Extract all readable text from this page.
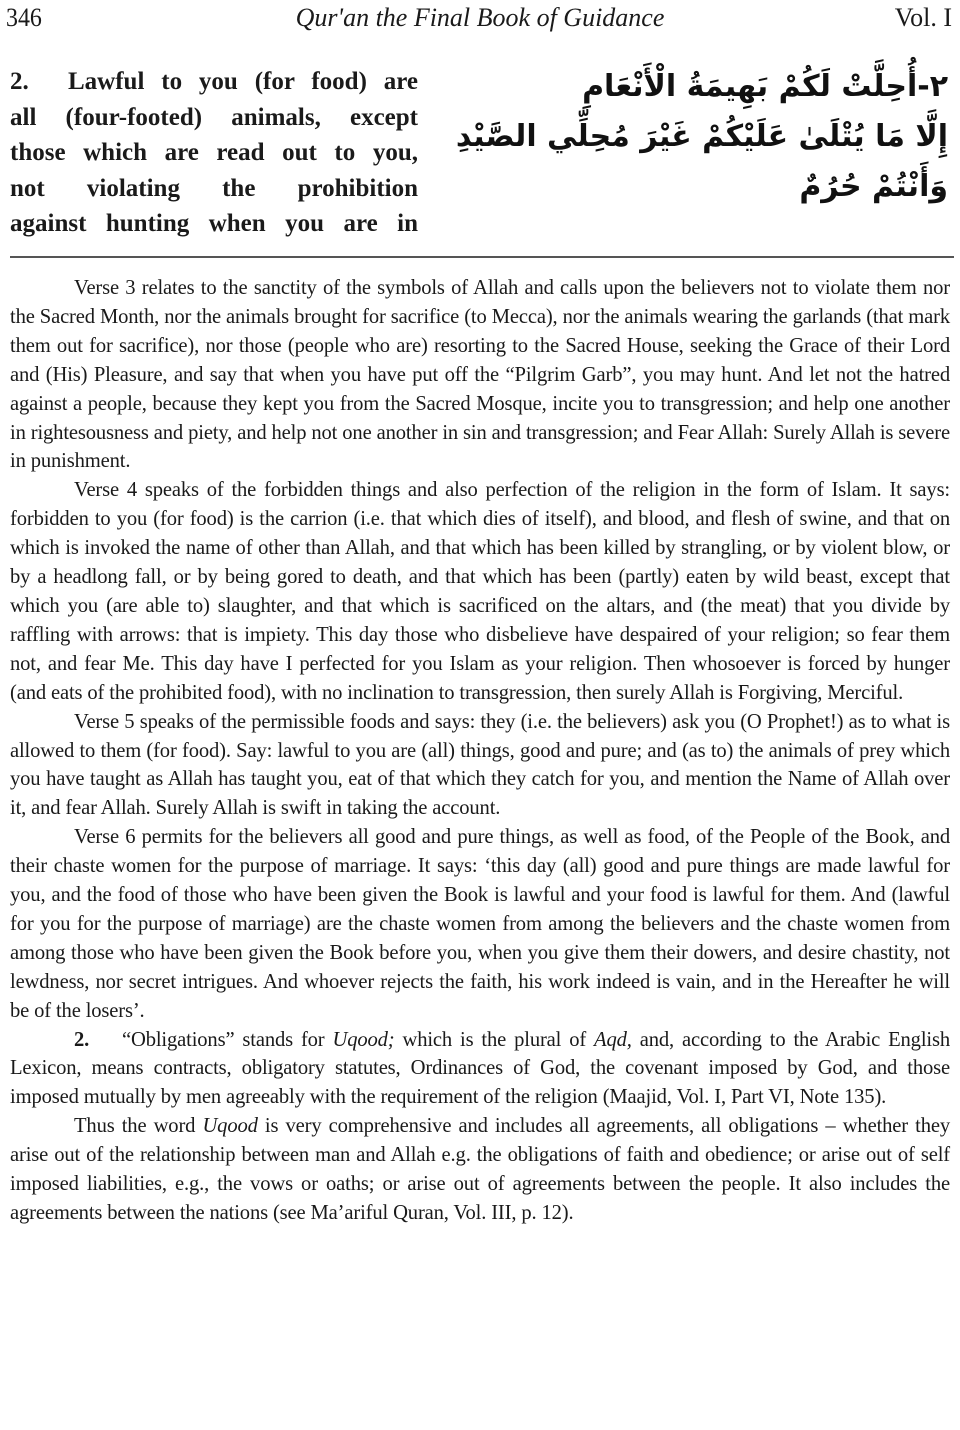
346	Qur'an the Final Book of Guidance	Vol. I
2. Lawful to you (for food) are
all (four-footed) animals, except
those which are read out to you,
not violating the prohibition
against hunting when you are in
٢-أُحِلَّتْ لَكُمْ بَهِيمَةُ الْأَنْعَامِ
إِلَّا مَا يُتْلَىٰ عَلَيْكُمْ غَيْرَ مُحِلِّي الصَّيْدِ
وَأَنْتُمْ حُرُمٌ

Verse 3 relates to the sanctity of the symbols of Allah and calls upon the believers not to violate them nor the Sacred Month, nor the animals brought for sacrifice (to Mecca), nor the animals wearing the garlands (that mark them out for sacrifice), nor those (people who are) resorting to the Sacred House, seeking the Grace of their Lord and (His) Pleasure, and say that when you have put off the “Pilgrim Garb”, you may hunt. And let not the hatred against a people, because they kept you from the Sacred Mosque, incite you to transgression; and help one another in rightesousness and piety, and help not one another in sin and transgression; and Fear Allah: Surely Allah is severe in punishment.

Verse 4 speaks of the forbidden things and also perfection of the religion in the form of Islam. It says: forbidden to you (for food) is the carrion (i.e. that which dies of itself), and blood, and flesh of swine, and that on which is invoked the name of other than Allah, and that which has been killed by strangling, or by violent blow, or by a headlong fall, or by being gored to death, and that which has been (partly) eaten by wild beast, except that which you (are able to) slaughter, and that which is sacrificed on the altars, and (the meat) that you divide by raffling with arrows: that is impiety. This day those who disbelieve have despaired of your religion; so fear them not, and fear Me. This day have I perfected for you Islam as your religion. Then whosoever is forced by hunger (and eats of the prohibited food), with no inclination to transgression, then surely Allah is Forgiving, Merciful.

Verse 5 speaks of the permissible foods and says: they (i.e. the believers) ask you (O Prophet!) as to what is allowed to them (for food). Say: lawful to you are (all) things, good and pure; and (as to) the animals of prey which you have taught as Allah has taught you, eat of that which they catch for you, and mention the Name of Allah over it, and fear Allah. Surely Allah is swift in taking the account.

Verse 6 permits for the believers all good and pure things, as well as food, of the People of the Book, and their chaste women for the purpose of marriage. It says: ‘this day (all) good and pure things are made lawful for you, and the food of those who have been given the Book is lawful and your food is lawful for them. And (lawful for you for the purpose of marriage) are the chaste women from among the believers and the chaste women from among those who have been given the Book before you, when you give them their dowers, and desire chastity, not lewdness, nor secret intrigues. And whoever rejects the faith, his work indeed is vain, and in the Hereafter he will be of the losers’.

2. “Obligations” stands for Uqood; which is the plural of Aqd, and, according to the Arabic English Lexicon, means contracts, obligatory statutes, Ordinances of God, the covenant imposed by God, and those imposed mutually by men agreeably with the requirement of the religion (Maajid, Vol. I, Part VI, Note 135).

Thus the word Uqood is very comprehensive and includes all agreements, all obligations – whether they arise out of the relationship between man and Allah e.g. the obligations of faith and obedience; or arise out of self imposed liabilities, e.g., the vows or oaths; or arise out of agreements between the people. It also includes the agreements between the nations (see Ma’ariful Quran, Vol. III, p. 12).
